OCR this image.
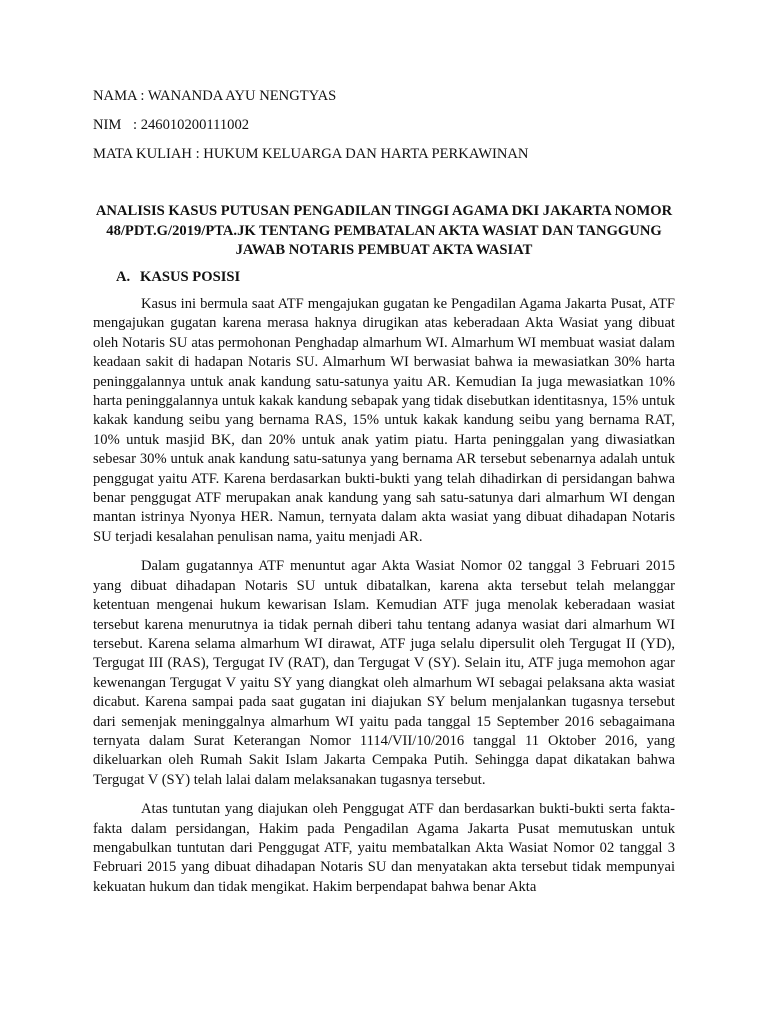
NAMA : WANANDA AYU NENGTYAS
NIM : 246010200111002
MATA KULIAH : HUKUM KELUARGA DAN HARTA PERKAWINAN
ANALISIS KASUS PUTUSAN PENGADILAN TINGGI AGAMA DKI JAKARTA NOMOR 48/PDT.G/2019/PTA.JK TENTANG PEMBATALAN AKTA WASIAT DAN TANGGUNG JAWAB NOTARIS PEMBUAT AKTA WASIAT
A. KASUS POSISI

Kasus ini bermula saat ATF mengajukan gugatan ke Pengadilan Agama Jakarta Pusat, ATF mengajukan gugatan karena merasa haknya dirugikan atas keberadaan Akta Wasiat yang dibuat oleh Notaris SU atas permohonan Penghadap almarhum WI. Almarhum WI membuat wasiat dalam keadaan sakit di hadapan Notaris SU. Almarhum WI berwasiat bahwa ia mewasiatkan 30% harta peninggalannya untuk anak kandung satu-satunya yaitu AR. Kemudian Ia juga mewasiatkan 10% harta peninggalannya untuk kakak kandung sebapak yang tidak disebutkan identitasnya, 15% untuk kakak kandung seibu yang bernama RAS, 15% untuk kakak kandung seibu yang bernama RAT, 10% untuk masjid BK, dan 20% untuk anak yatim piatu. Harta peninggalan yang diwasiatkan sebesar 30% untuk anak kandung satu-satunya yang bernama AR tersebut sebenarnya adalah untuk penggugat yaitu ATF. Karena berdasarkan bukti-bukti yang telah dihadirkan di persidangan bahwa benar penggugat ATF merupakan anak kandung yang sah satu-satunya dari almarhum WI dengan mantan istrinya Nyonya HER. Namun, ternyata dalam akta wasiat yang dibuat dihadapan Notaris SU terjadi kesalahan penulisan nama, yaitu menjadi AR.

Dalam gugatannya ATF menuntut agar Akta Wasiat Nomor 02 tanggal 3 Februari 2015 yang dibuat dihadapan Notaris SU untuk dibatalkan, karena akta tersebut telah melanggar ketentuan mengenai hukum kewarisan Islam. Kemudian ATF juga menolak keberadaan wasiat tersebut karena menurutnya ia tidak pernah diberi tahu tentang adanya wasiat dari almarhum WI tersebut. Karena selama almarhum WI dirawat, ATF juga selalu dipersulit oleh Tergugat II (YD), Tergugat III (RAS), Tergugat IV (RAT), dan Tergugat V (SY). Selain itu, ATF juga memohon agar kewenangan Tergugat V yaitu SY yang diangkat oleh almarhum WI sebagai pelaksana akta wasiat dicabut. Karena sampai pada saat gugatan ini diajukan SY belum menjalankan tugasnya tersebut dari semenjak meninggalnya almarhum WI yaitu pada tanggal 15 September 2016 sebagaimana ternyata dalam Surat Keterangan Nomor 1114/VII/10/2016 tanggal 11 Oktober 2016, yang dikeluarkan oleh Rumah Sakit Islam Jakarta Cempaka Putih. Sehingga dapat dikatakan bahwa Tergugat V (SY) telah lalai dalam melaksanakan tugasnya tersebut.

Atas tuntutan yang diajukan oleh Penggugat ATF dan berdasarkan bukti-bukti serta fakta-fakta dalam persidangan, Hakim pada Pengadilan Agama Jakarta Pusat memutuskan untuk mengabulkan tuntutan dari Penggugat ATF, yaitu membatalkan Akta Wasiat Nomor 02 tanggal 3 Februari 2015 yang dibuat dihadapan Notaris SU dan menyatakan akta tersebut tidak mempunyai kekuatan hukum dan tidak mengikat. Hakim berpendapat bahwa benar Akta
